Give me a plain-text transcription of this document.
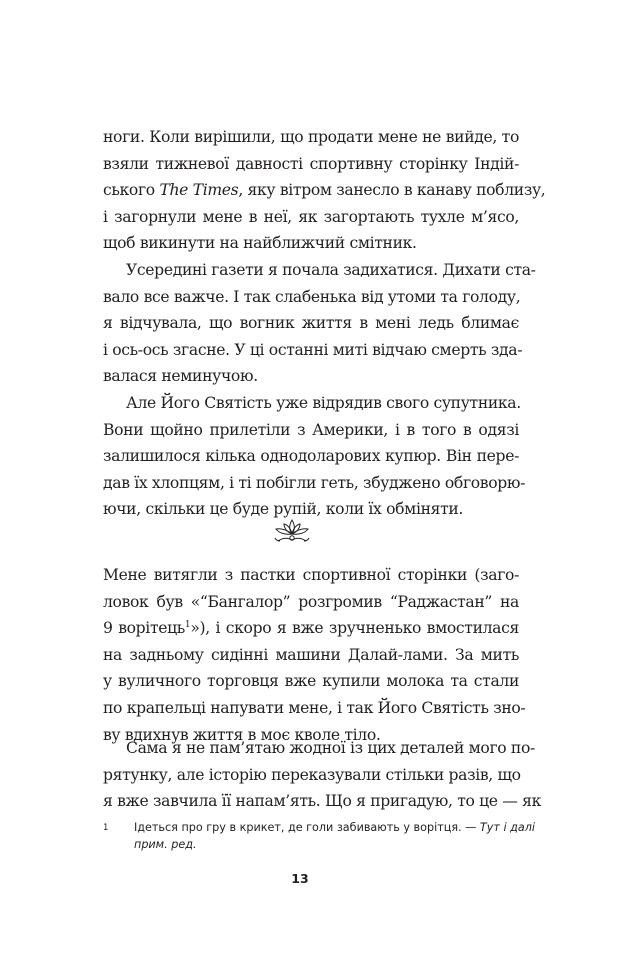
ноги. Коли вирішили, що продати мене не вийде, то
взяли тижневої давності спортивну сторінку Індій-
ського The Times, яку вітром занесло в канаву поблизу,
і загорнули мене в неї, як загортають тухле м’ясо,
щоб викинути на найближчий смітник.
Усередині газети я почала задихатися. Дихати ста-
вало все важче. І так слабенька від утоми та голоду,
я відчувала, що вогник життя в мені ледь блимає
і ось-ось згасне. У ці останні миті відчаю смерть зда-
валася неминучою.
Але Його Святість уже відрядив свого супутника.
Вони щойно прилетіли з Америки, і в того в одязі
залишилося кілька однодоларових купюр. Він пере-
дав їх хлопцям, і ті побігли геть, збуджено обговорю-
ючи, скільки це буде рупій, коли їх обміняти.
Мене витягли з пастки спортивної сторінки (заго-
ловок був «“Бангалор” розгромив “Раджастан” на
9 ворітець$^1$»), і скоро я вже зручненько вмостилася
на задньому сидінні машини Далай-лами. За мить
у вуличного торговця вже купили молока та стали
по крапельці напувати мене, і так Його Святість зно-
ву вдихнув життя в моє кволе тіло.
Сама я не пам’ятаю жодної із цих деталей мого по-
рятунку, але історію переказували стільки разів, що
я вже завчила її напам’ять. Що я пригадую, то це — як
1 Ідеться про гру в крикет, де голи забивають у ворітця. — Тут і далі
прим. ред.
13
